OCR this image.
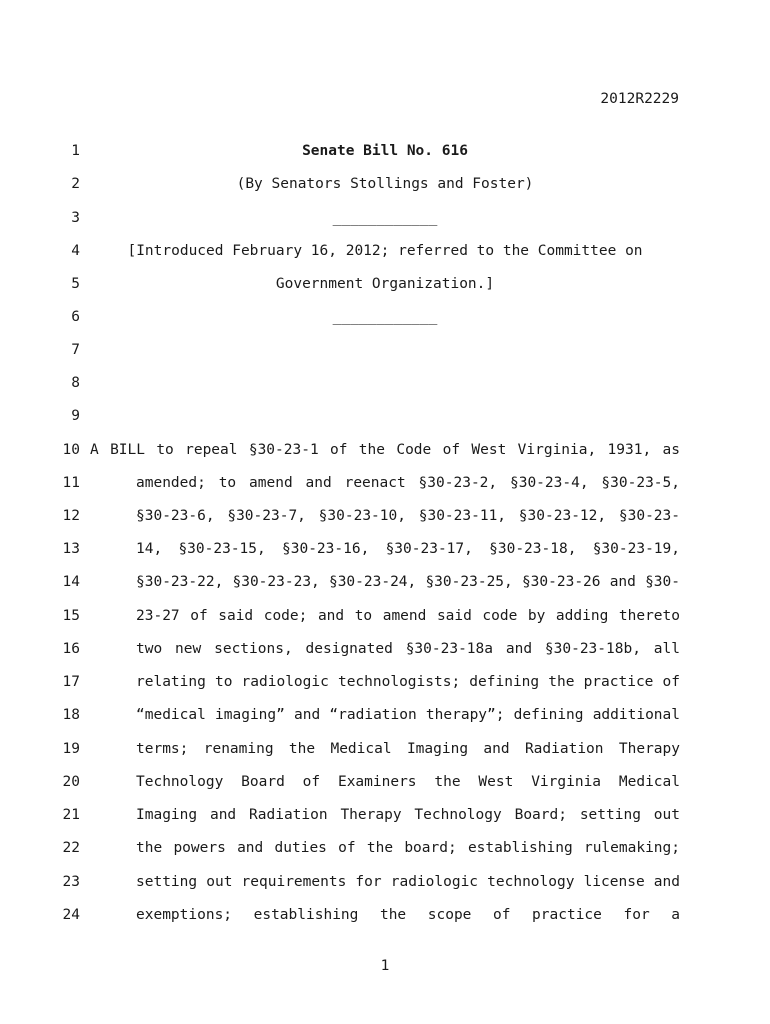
2012R2229
1
2
3
4
5
6
7
8
9
10
11
12
13
14
15
16
17
18
19
20
21
22
23
24
Senate Bill No. 616
(By Senators Stollings and Foster)
____________
[Introduced February 16, 2012; referred to the Committee on
Government Organization.]
____________
A BILL to repeal §30-23-1 of the Code of West Virginia, 1931, as
amended; to amend and reenact §30-23-2, §30-23-4, §30-23-5,
§30-23-6, §30-23-7, §30-23-10, §30-23-11, §30-23-12, §30-23-
14, §30-23-15, §30-23-16, §30-23-17, §30-23-18, §30-23-19,
§30-23-22, §30-23-23, §30-23-24, §30-23-25, §30-23-26 and §30-
23-27 of said code; and to amend said code by adding thereto
two new sections, designated §30-23-18a and §30-23-18b, all
relating to radiologic technologists; defining the practice of
“medical imaging” and “radiation therapy”; defining additional
terms; renaming the Medical Imaging and Radiation Therapy
Technology Board of Examiners the West Virginia Medical
Imaging and Radiation Therapy Technology Board; setting out
the powers and duties of the board; establishing rulemaking;
setting out requirements for radiologic technology license and
exemptions; establishing the scope of practice for a
1
